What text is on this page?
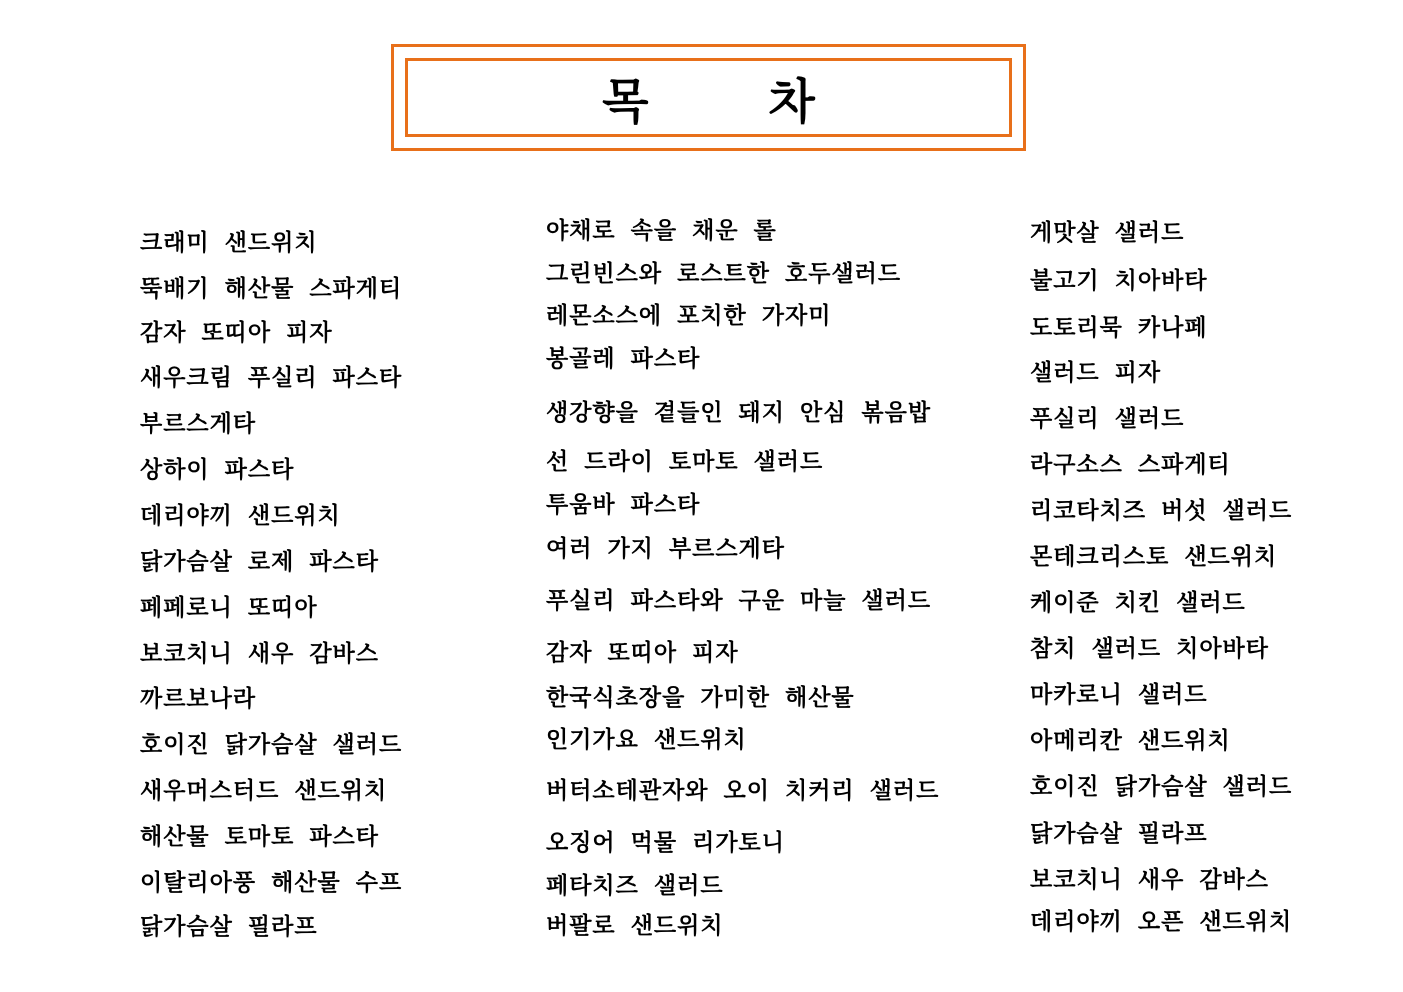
목	차
크래미 샌드위치
뚝배기 해산물 스파게티
감자 또띠아 피자
새우크림 푸실리 파스타
부르스게타
상하이 파스타
데리야끼 샌드위치
닭가슴살 로제 파스타
페페로니 또띠아
보코치니 새우 감바스
까르보나라
호이진 닭가슴살 샐러드
새우머스터드 샌드위치
해산물 토마토 파스타
이탈리아풍 해산물 수프
닭가슴살 필라프
야채로 속을 채운 롤
그린빈스와 로스트한 호두샐러드
레몬소스에 포치한 가자미
봉골레 파스타
생강향을 곁들인 돼지 안심 볶음밥
선 드라이 토마토 샐러드
투움바 파스타
여러 가지 부르스게타
푸실리 파스타와 구운 마늘 샐러드
감자 또띠아 피자
한국식초장을 가미한 해산물
인기가요 샌드위치
버터소테관자와 오이 치커리 샐러드
오징어 먹물 리가토니
페타치즈 샐러드
버팔로 샌드위치
게맛살 샐러드
불고기 치아바타
도토리묵 카나페
샐러드 피자
푸실리 샐러드
라구소스 스파게티
리코타치즈 버섯 샐러드
몬테크리스토 샌드위치
케이준 치킨 샐러드
참치 샐러드 치아바타
마카로니 샐러드
아메리칸 샌드위치
호이진 닭가슴살 샐러드
닭가슴살 필라프
보코치니 새우 감바스
데리야끼 오픈 샌드위치
